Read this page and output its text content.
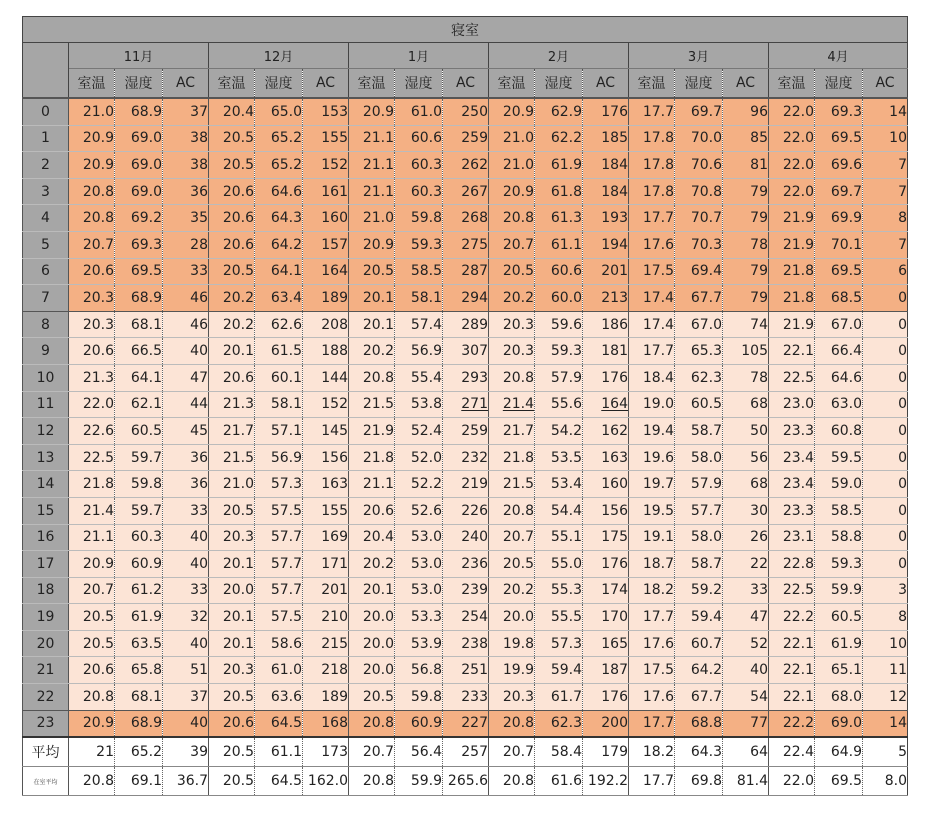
寝室																		
	11月			12月			1月			2月			3月			4月		
	室温	湿度	AC	室温	湿度	AC	室温	湿度	AC	室温	湿度	AC	室温	湿度	AC	室温	湿度	AC
0	21.0	68.9	37	20.4	65.0	153	20.9	61.0	250	20.9	62.9	176	17.7	69.7	96	22.0	69.3	14
1	20.9	69.0	38	20.5	65.2	155	21.1	60.6	259	21.0	62.2	185	17.8	70.0	85	22.0	69.5	10
2	20.9	69.0	38	20.5	65.2	152	21.1	60.3	262	21.0	61.9	184	17.8	70.6	81	22.0	69.6	7
3	20.8	69.0	36	20.6	64.6	161	21.1	60.3	267	20.9	61.8	184	17.8	70.8	79	22.0	69.7	7
4	20.8	69.2	35	20.6	64.3	160	21.0	59.8	268	20.8	61.3	193	17.7	70.7	79	21.9	69.9	8
5	20.7	69.3	28	20.6	64.2	157	20.9	59.3	275	20.7	61.1	194	17.6	70.3	78	21.9	70.1	7
6	20.6	69.5	33	20.5	64.1	164	20.5	58.5	287	20.5	60.6	201	17.5	69.4	79	21.8	69.5	6
7	20.3	68.9	46	20.2	63.4	189	20.1	58.1	294	20.2	60.0	213	17.4	67.7	79	21.8	68.5	0
8	20.3	68.1	46	20.2	62.6	208	20.1	57.4	289	20.3	59.6	186	17.4	67.0	74	21.9	67.0	0
9	20.6	66.5	40	20.1	61.5	188	20.2	56.9	307	20.3	59.3	181	17.7	65.3	105	22.1	66.4	0
10	21.3	64.1	47	20.6	60.1	144	20.8	55.4	293	20.8	57.9	176	18.4	62.3	78	22.5	64.6	0
11	22.0	62.1	44	21.3	58.1	152	21.5	53.8	271	21.4	55.6	164	19.0	60.5	68	23.0	63.0	0
12	22.6	60.5	45	21.7	57.1	145	21.9	52.4	259	21.7	54.2	162	19.4	58.7	50	23.3	60.8	0
13	22.5	59.7	36	21.5	56.9	156	21.8	52.0	232	21.8	53.5	163	19.6	58.0	56	23.4	59.5	0
14	21.8	59.8	36	21.0	57.3	163	21.1	52.2	219	21.5	53.4	160	19.7	57.9	68	23.4	59.0	0
15	21.4	59.7	33	20.5	57.5	155	20.6	52.6	226	20.8	54.4	156	19.5	57.7	30	23.3	58.5	0
16	21.1	60.3	40	20.3	57.7	169	20.4	53.0	240	20.7	55.1	175	19.1	58.0	26	23.1	58.8	0
17	20.9	60.9	40	20.1	57.7	171	20.2	53.0	236	20.5	55.0	176	18.7	58.7	22	22.8	59.3	0
18	20.7	61.2	33	20.0	57.7	201	20.1	53.0	239	20.2	55.3	174	18.2	59.2	33	22.5	59.9	3
19	20.5	61.9	32	20.1	57.5	210	20.0	53.3	254	20.0	55.5	170	17.7	59.4	47	22.2	60.5	8
20	20.5	63.5	40	20.1	58.6	215	20.0	53.9	238	19.8	57.3	165	17.6	60.7	52	22.1	61.9	10
21	20.6	65.8	51	20.3	61.0	218	20.0	56.8	251	19.9	59.4	187	17.5	64.2	40	22.1	65.1	11
22	20.8	68.1	37	20.5	63.6	189	20.5	59.8	233	20.3	61.7	176	17.6	67.7	54	22.1	68.0	12
23	20.9	68.9	40	20.6	64.5	168	20.8	60.9	227	20.8	62.3	200	17.7	68.8	77	22.2	69.0	14
平均	21	65.2	39	20.5	61.1	173	20.7	56.4	257	20.7	58.4	179	18.2	64.3	64	22.4	64.9	5
在室平均	20.8	69.1	36.7	20.5	64.5	162.0	20.8	59.9	265.6	20.8	61.6	192.2	17.7	69.8	81.4	22.0	69.5	8.0
